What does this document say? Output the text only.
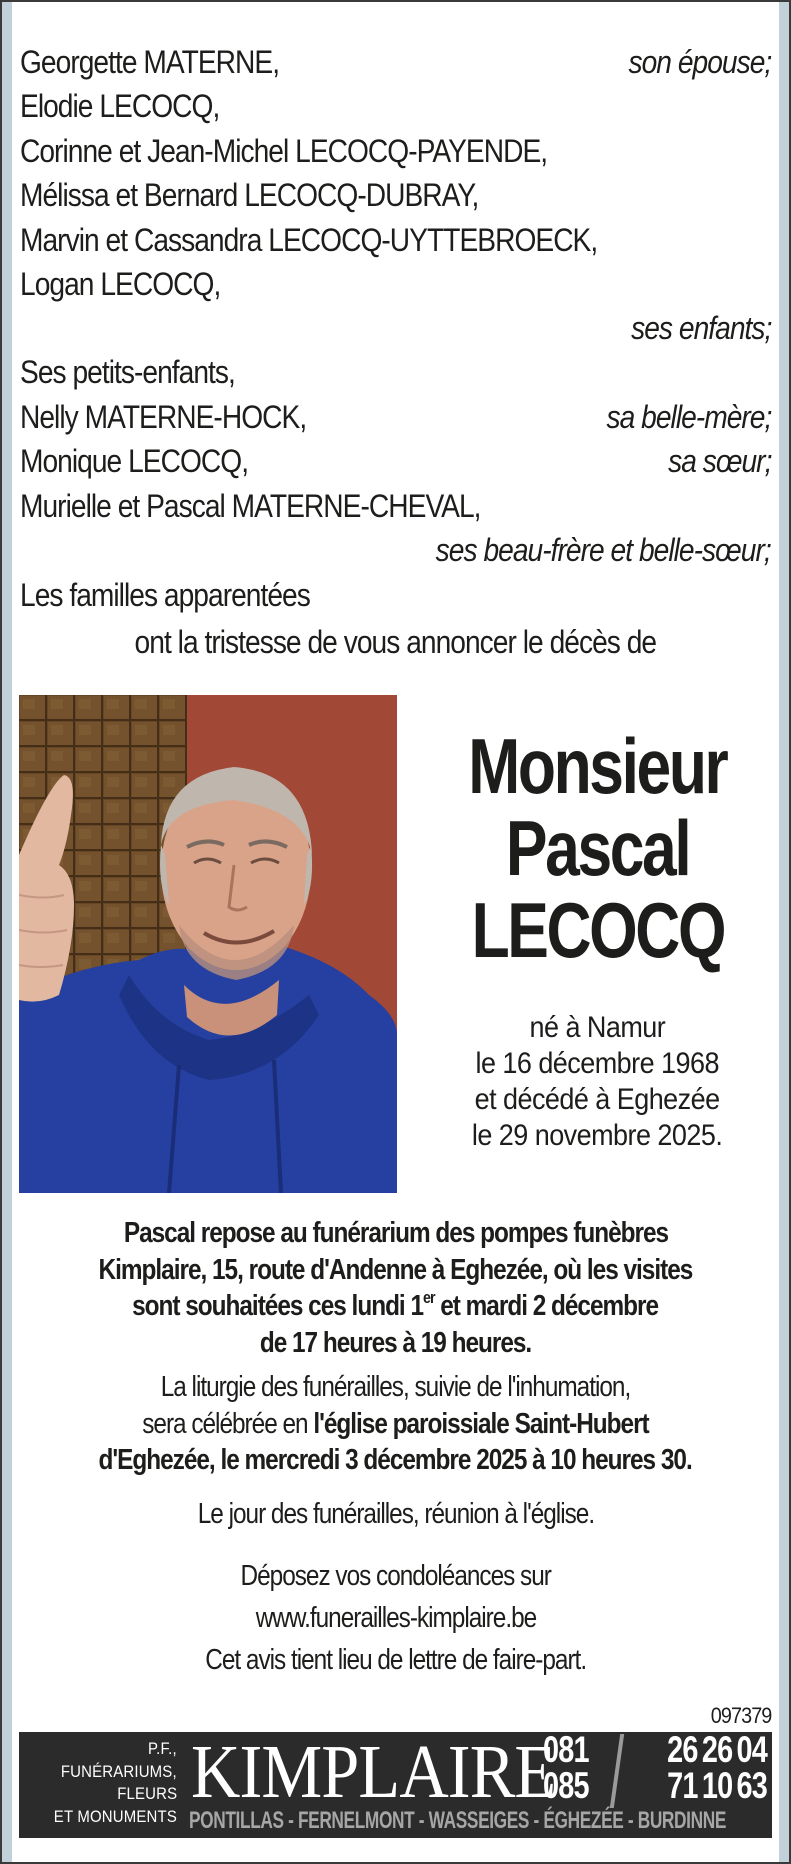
Georgette MATERNE,	son épouse;
Elodie LECOCQ,
Corinne et Jean-Michel LECOCQ-PAYENDE,
Mélissa et Bernard LECOCQ-DUBRAY,
Marvin et Cassandra LECOCQ-UYTTEBROECK,
Logan LECOCQ,
ses enfants;
Ses petits-enfants,
Nelly MATERNE-HOCK,	sa belle-mère;
Monique LECOCQ,	sa sœur;
Murielle et Pascal MATERNE-CHEVAL,
ses beau-frère et belle-sœur;
Les familles apparentées
ont la tristesse de vous annoncer le décès de
Monsieur
Pascal
LECOCQ
né à Namur
le 16 décembre 1968
et décédé à Eghezée
le 29 novembre 2025.
Pascal repose au funérarium des pompes funèbres
Kimplaire, 15, route d'Andenne à Eghezée, où les visites
sont souhaitées ces lundi 1er et mardi 2 décembre
de 17 heures à 19 heures.
La liturgie des funérailles, suivie de l'inhumation,
sera célébrée en l'église paroissiale Saint-Hubert
d'Eghezée, le mercredi 3 décembre 2025 à 10 heures 30.
Le jour des funérailles, réunion à l'église.
Déposez vos condoléances sur
www.funerailles-kimplaire.be
Cet avis tient lieu de lettre de faire-part.
097379
P.F.,
FUNÉRARIUMS,
FLEURS
ET MONUMENTS
KIMPLAIRE
081 26 26 04
085 71 10 63
PONTILLAS - FERNELMONT - WASSEIGES - ÉGHEZÉE - BURDINNE
